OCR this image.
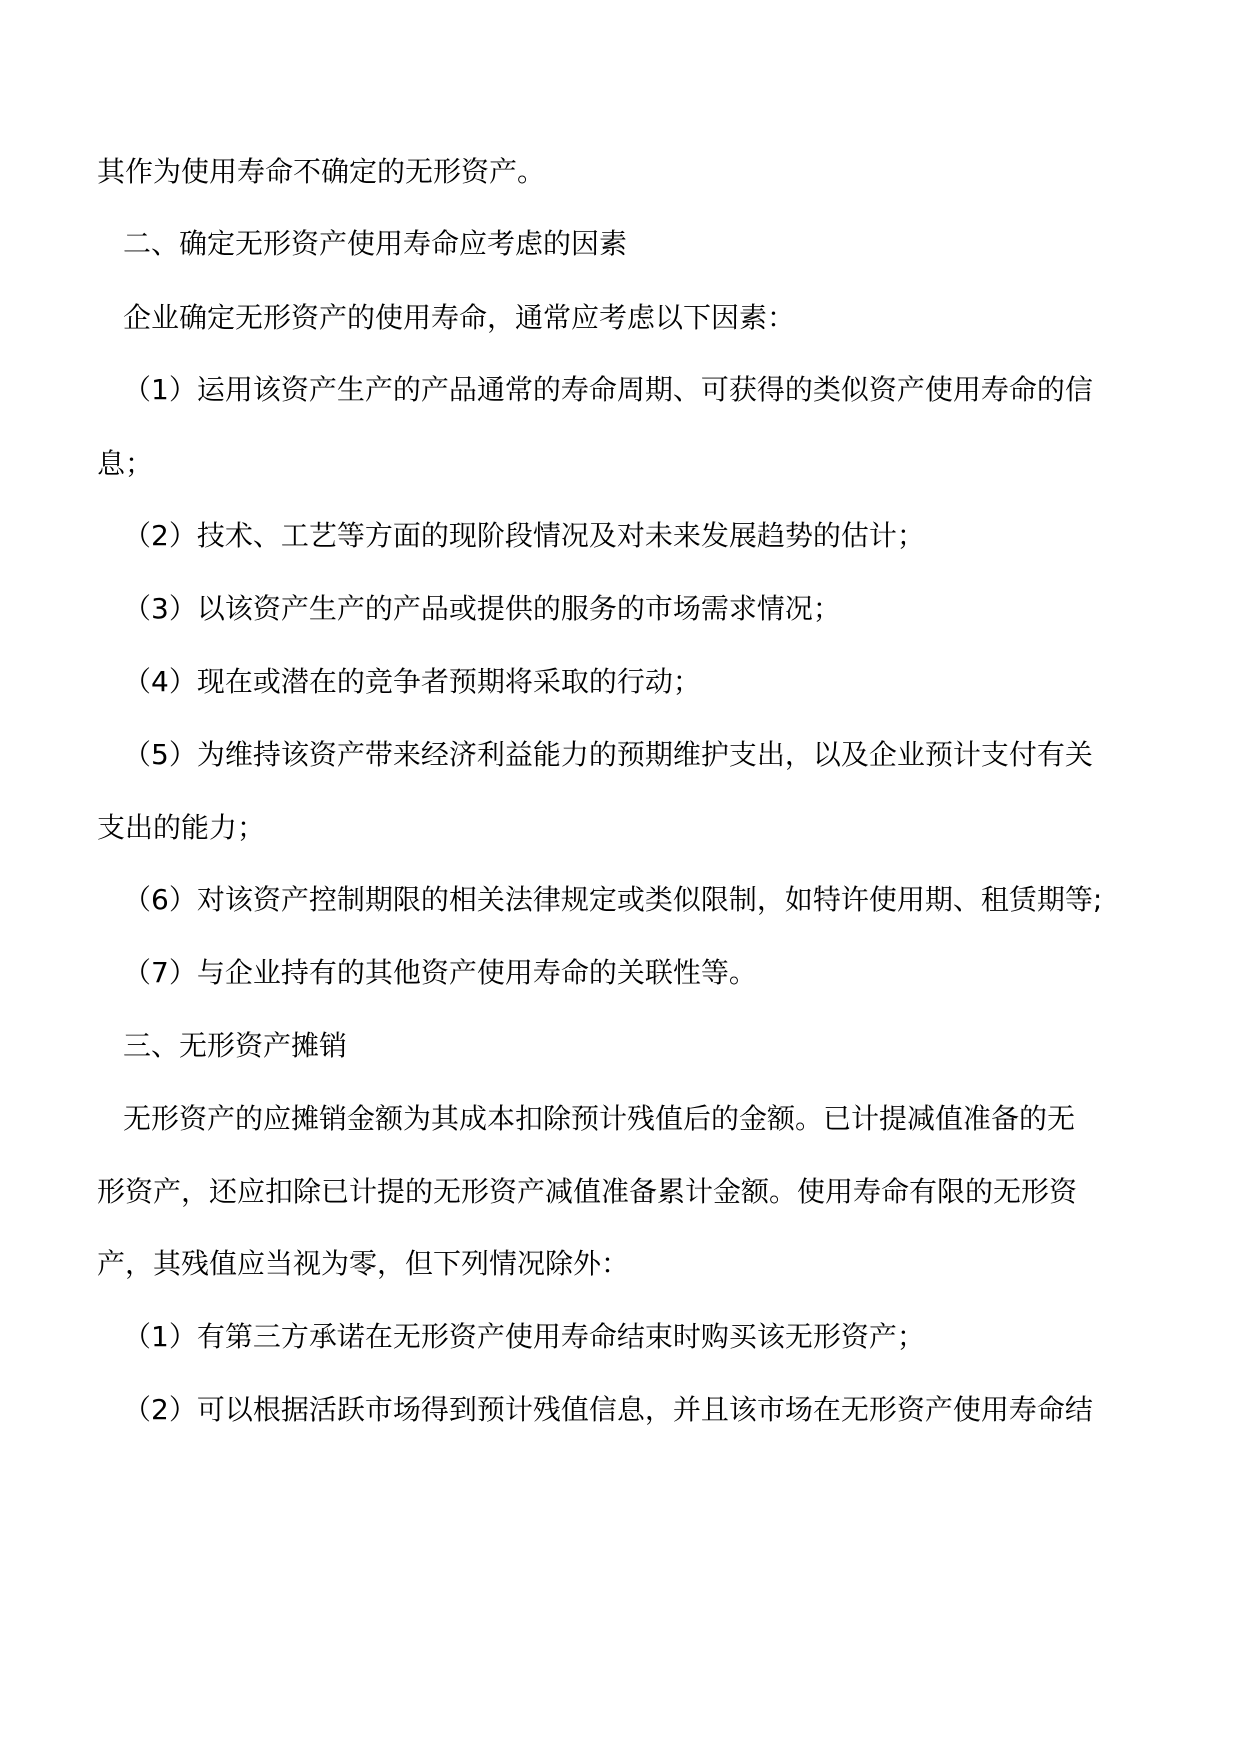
其作为使用寿命不确定的无形资产。
二、确定无形资产使用寿命应考虑的因素
企业确定无形资产的使用寿命，通常应考虑以下因素：
（1）运用该资产生产的产品通常的寿命周期、可获得的类似资产使用寿命的信
息；
（2）技术、工艺等方面的现阶段情况及对未来发展趋势的估计；
（3）以该资产生产的产品或提供的服务的市场需求情况；
（4）现在或潜在的竞争者预期将采取的行动；
（5）为维持该资产带来经济利益能力的预期维护支出，以及企业预计支付有关
支出的能力；
（6）对该资产控制期限的相关法律规定或类似限制，如特许使用期、租赁期等;
（7）与企业持有的其他资产使用寿命的关联性等。
三、无形资产摊销
无形资产的应摊销金额为其成本扣除预计残值后的金额。已计提减值准备的无
形资产，还应扣除已计提的无形资产减值准备累计金额。使用寿命有限的无形资
产，其残值应当视为零，但下列情况除外：
（1）有第三方承诺在无形资产使用寿命结束时购买该无形资产；
（2）可以根据活跃市场得到预计残值信息，并且该市场在无形资产使用寿命结
